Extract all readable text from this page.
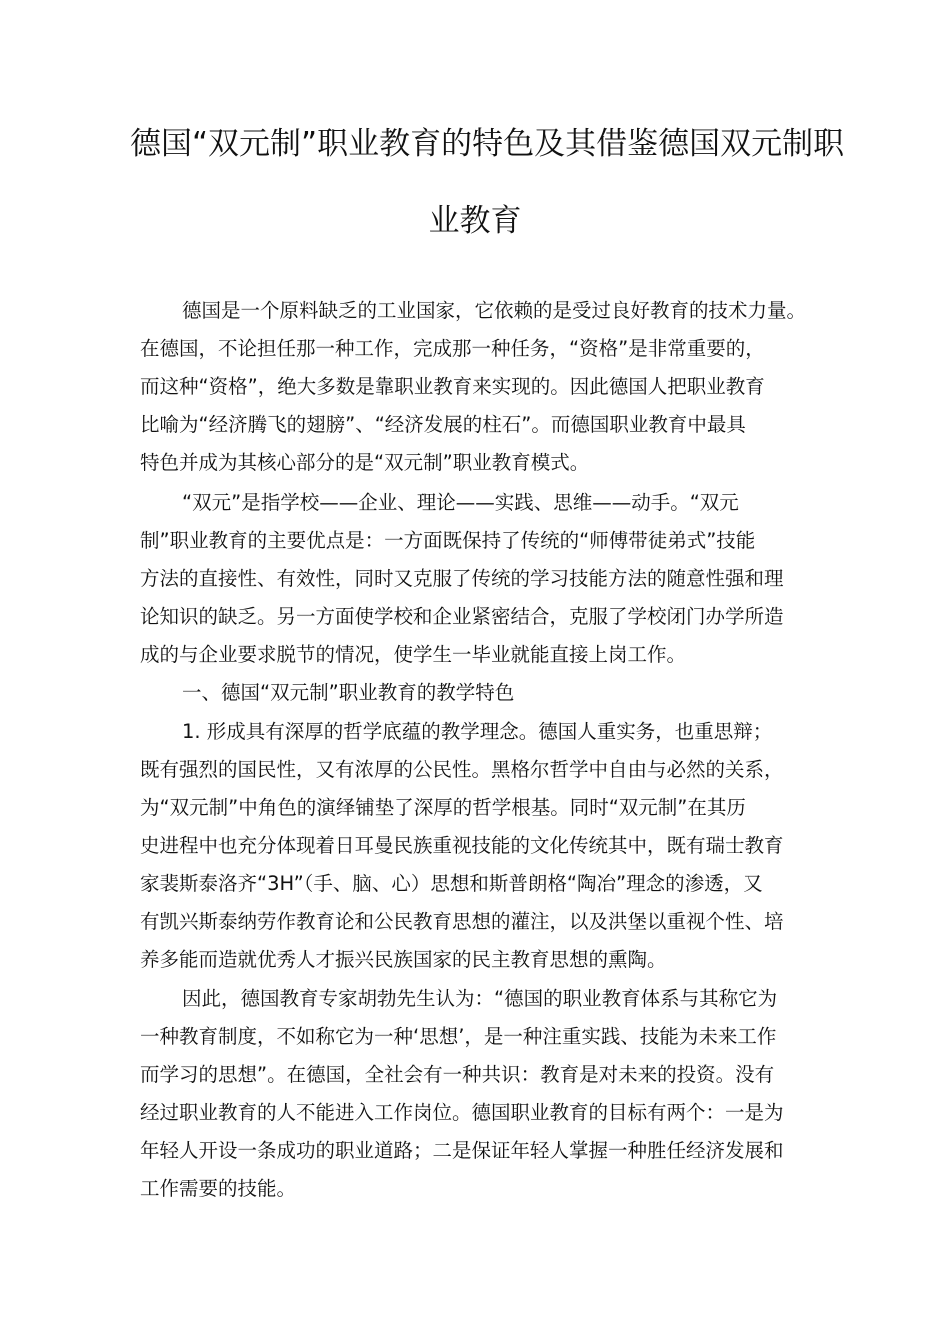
德国“双元制”职业教育的特色及其借鉴德国双元制职
业教育
德国是一个原料缺乏的工业国家，它依赖的是受过良好教育的技术力量。
在德国，不论担任那一种工作，完成那一种任务，“资格”是非常重要的，
而这种“资格”，绝大多数是靠职业教育来实现的。因此德国人把职业教育
比喻为“经济腾飞的翅膀”、“经济发展的柱石”。而德国职业教育中最具
特色并成为其核心部分的是“双元制”职业教育模式。
“双元”是指学校——企业、理论——实践、思维——动手。“双元
制”职业教育的主要优点是：一方面既保持了传统的“师傅带徒弟式”技能
方法的直接性、有效性，同时又克服了传统的学习技能方法的随意性强和理
论知识的缺乏。另一方面使学校和企业紧密结合，克服了学校闭门办学所造
成的与企业要求脱节的情况，使学生一毕业就能直接上岗工作。
一、德国“双元制”职业教育的教学特色
1. 形成具有深厚的哲学底蕴的教学理念。德国人重实务，也重思辩；
既有强烈的国民性，又有浓厚的公民性。黑格尔哲学中自由与必然的关系，
为“双元制”中角色的演绎铺垫了深厚的哲学根基。同时“双元制”在其历
史进程中也充分体现着日耳曼民族重视技能的文化传统其中，既有瑞士教育
家裴斯泰洛齐“3H”（手、脑、心）思想和斯普朗格“陶冶”理念的渗透，又
有凯兴斯泰纳劳作教育论和公民教育思想的灌注，以及洪堡以重视个性、培
养多能而造就优秀人才振兴民族国家的民主教育思想的熏陶。
因此，德国教育专家胡勃先生认为：“德国的职业教育体系与其称它为
一种教育制度，不如称它为一种‘思想’，是一种注重实践、技能为未来工作
而学习的思想”。在德国，全社会有一种共识：教育是对未来的投资。没有
经过职业教育的人不能进入工作岗位。德国职业教育的目标有两个：一是为
年轻人开设一条成功的职业道路；二是保证年轻人掌握一种胜任经济发展和
工作需要的技能。
